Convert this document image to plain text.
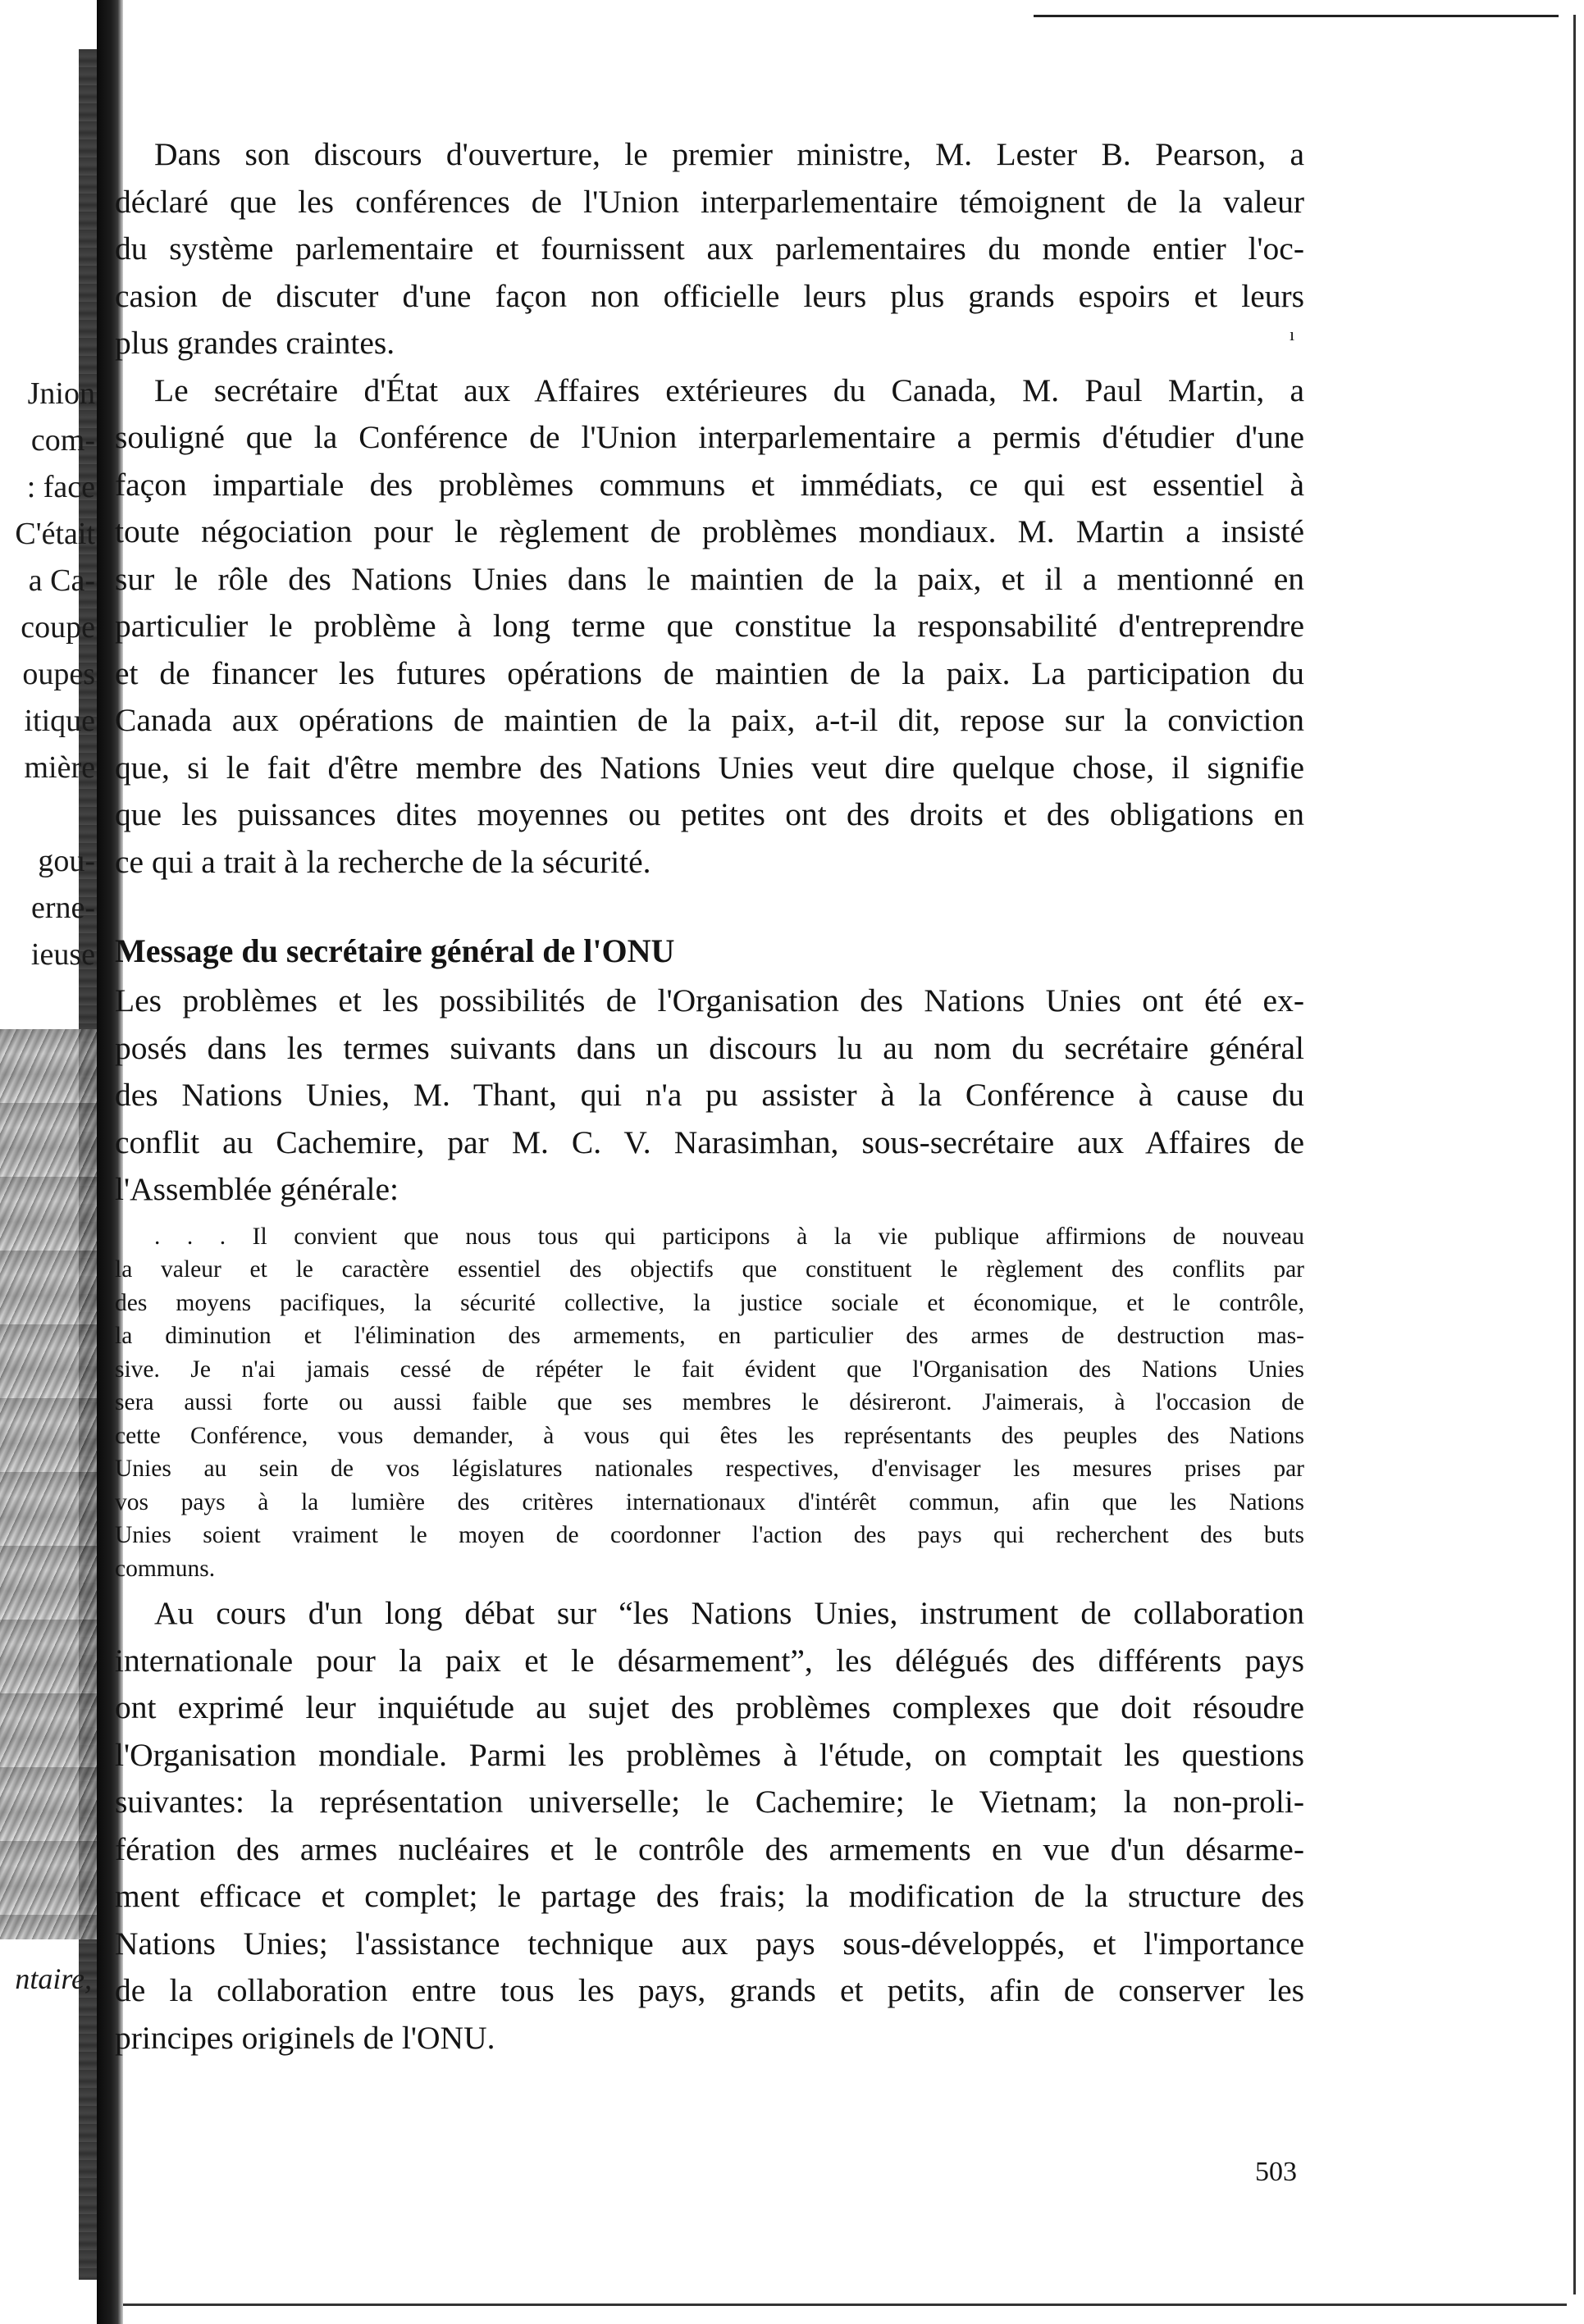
Jnion
com-
: face
C'était
a Ca-
coupe
oupes
itique
mière
gou-
erne-
ieuse
ntaire,
ı

Dans son discours d'ouverture, le premier ministre, M. Lester B. Pearson, a
déclaré que les conférences de l'Union interparlementaire témoignent de la valeur
du système parlementaire et fournissent aux parlementaires du monde entier l'oc-
casion de discuter d'une façon non officielle leurs plus grands espoirs et leurs
plus grandes craintes.

Le secrétaire d'État aux Affaires extérieures du Canada, M. Paul Martin, a
souligné que la Conférence de l'Union interparlementaire a permis d'étudier d'une
façon impartiale des problèmes communs et immédiats, ce qui est essentiel à
toute négociation pour le règlement de problèmes mondiaux. M. Martin a insisté
sur le rôle des Nations Unies dans le maintien de la paix, et il a mentionné en
particulier le problème à long terme que constitue la responsabilité d'entreprendre
et de financer les futures opérations de maintien de la paix. La participation du
Canada aux opérations de maintien de la paix, a-t-il dit, repose sur la conviction
que, si le fait d'être membre des Nations Unies veut dire quelque chose, il signifie
que les puissances dites moyennes ou petites ont des droits et des obligations en
ce qui a trait à la recherche de la sécurité.

Message du secrétaire général de l'ONU

Les problèmes et les possibilités de l'Organisation des Nations Unies ont été ex-
posés dans les termes suivants dans un discours lu au nom du secrétaire général
des Nations Unies, M. Thant, qui n'a pu assister à la Conférence à cause du
conflit au Cachemire, par M. C. V. Narasimhan, sous-secrétaire aux Affaires de
l'Assemblée générale:

. . . Il convient que nous tous qui participons à la vie publique affirmions de nouveau
la valeur et le caractère essentiel des objectifs que constituent le règlement des conflits par
des moyens pacifiques, la sécurité collective, la justice sociale et économique, et le contrôle,
la diminution et l'élimination des armements, en particulier des armes de destruction mas-
sive. Je n'ai jamais cessé de répéter le fait évident que l'Organisation des Nations Unies
sera aussi forte ou aussi faible que ses membres le désireront. J'aimerais, à l'occasion de
cette Conférence, vous demander, à vous qui êtes les représentants des peuples des Nations
Unies au sein de vos législatures nationales respectives, d'envisager les mesures prises par
vos pays à la lumière des critères internationaux d'intérêt commun, afin que les Nations
Unies soient vraiment le moyen de coordonner l'action des pays qui recherchent des buts
communs.

Au cours d'un long débat sur “les Nations Unies, instrument de collaboration
internationale pour la paix et le désarmement”, les délégués des différents pays
ont exprimé leur inquiétude au sujet des problèmes complexes que doit résoudre
l'Organisation mondiale. Parmi les problèmes à l'étude, on comptait les questions
suivantes: la représentation universelle; le Cachemire; le Vietnam; la non-proli-
fération des armes nucléaires et le contrôle des armements en vue d'un désarme-
ment efficace et complet; le partage des frais; la modification de la structure des
Nations Unies; l'assistance technique aux pays sous-développés, et l'importance
de la collaboration entre tous les pays, grands et petits, afin de conserver les
principes originels de l'ONU.

503
